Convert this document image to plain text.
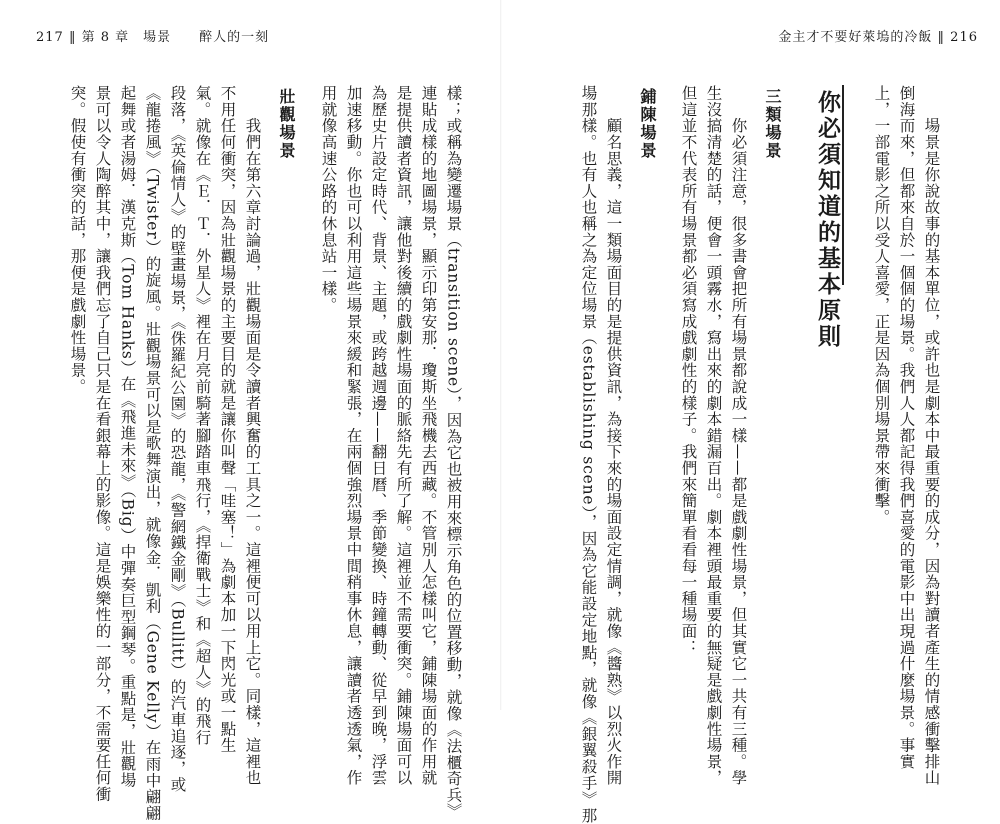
217 ‖ 第 8 章　場景　　醉人的一刻	金主才不要好萊塢的冷飯 ‖ 216
　　場景是你說故事的基本單位，或許也是劇本中最重要的成分，因為對讀者產生的情感衝擊排山
倒海而來，但都來自於一個個的場景。我們人人都記得我們喜愛的電影中出現過什麼場景。事實
上，一部電影之所以受人喜愛，正是因為個別場景帶來衝擊。
你必須知道的基本原則
三類場景
　　你必須注意，很多書會把所有場景都說成一樣——都是戲劇性場景，但其實它一共有三種。學
生沒搞清楚的話，便會一頭霧水，寫出來的劇本錯漏百出。劇本裡頭最重要的無疑是戲劇性場景，
但這並不代表所有場景都必須寫成戲劇性的樣子。我們來簡單看看每一種場面：
鋪陳場景
　　顧名思義，這一類場面目的是提供資訊，為接下來的場面設定情調，就像《醬熟》以烈火作開
場那樣。也有人也稱之為定位場景（establishing scene），因為它能設定地點，就像《銀翼殺手》那
樣；或稱為變遷場景（transition scene），因為它也被用來標示角色的位置移動，就像《法櫃奇兵》
連貼成樣的地圖場景，顯示印第安那．瓊斯坐飛機去西藏。不管別人怎樣叫它，鋪陳場面的作用就
是提供讀者資訊，讓他對後續的戲劇性場面的脈絡先有所了解。這裡並不需要衝突。鋪陳場面可以
為歷史片設定時代、背景、主題，或跨越週邊——翻日曆、季節變換、時鐘轉動、從早到晚，浮雲
加速移動。你也可以利用這些場景來緩和緊張，在兩個強烈場景中間稍事休息，讓讀者透透氣，作
用就像高速公路的休息站一樣。
壯觀場景
　　我們在第六章討論過，壯觀場面是令讀者興奮的工具之一。這裡便可以用上它。同樣，這裡也
不用任何衝突，因為壯觀場景的主要目的就是讓你叫聲「哇塞！」為劇本加一下閃光或一點生
氣。就像在《Ｅ．Ｔ．外星人》裡在月亮前騎著腳踏車飛行，《捍衛戰士》和《超人》的飛行
段落，《英倫情人》的壁畫場景，《侏羅紀公園》的恐龍，《警網鐵金剛》（Bullitt）的汽車追逐，或
《龍捲風》（Twister）的旋風。壯觀場景可以是歌舞演出，就像金．凱利（Gene Kelly）在雨中翩翩
起舞或者湯姆．漢克斯（Tom Hanks）在《飛進未來》（Big）中彈奏巨型鋼琴。重點是，壯觀場
景可以令人陶醉其中，讓我們忘了自己只是在看銀幕上的影像。這是娛樂性的一部分，不需要任何衝
突。假使有衝突的話，那便是戲劇性場景。
